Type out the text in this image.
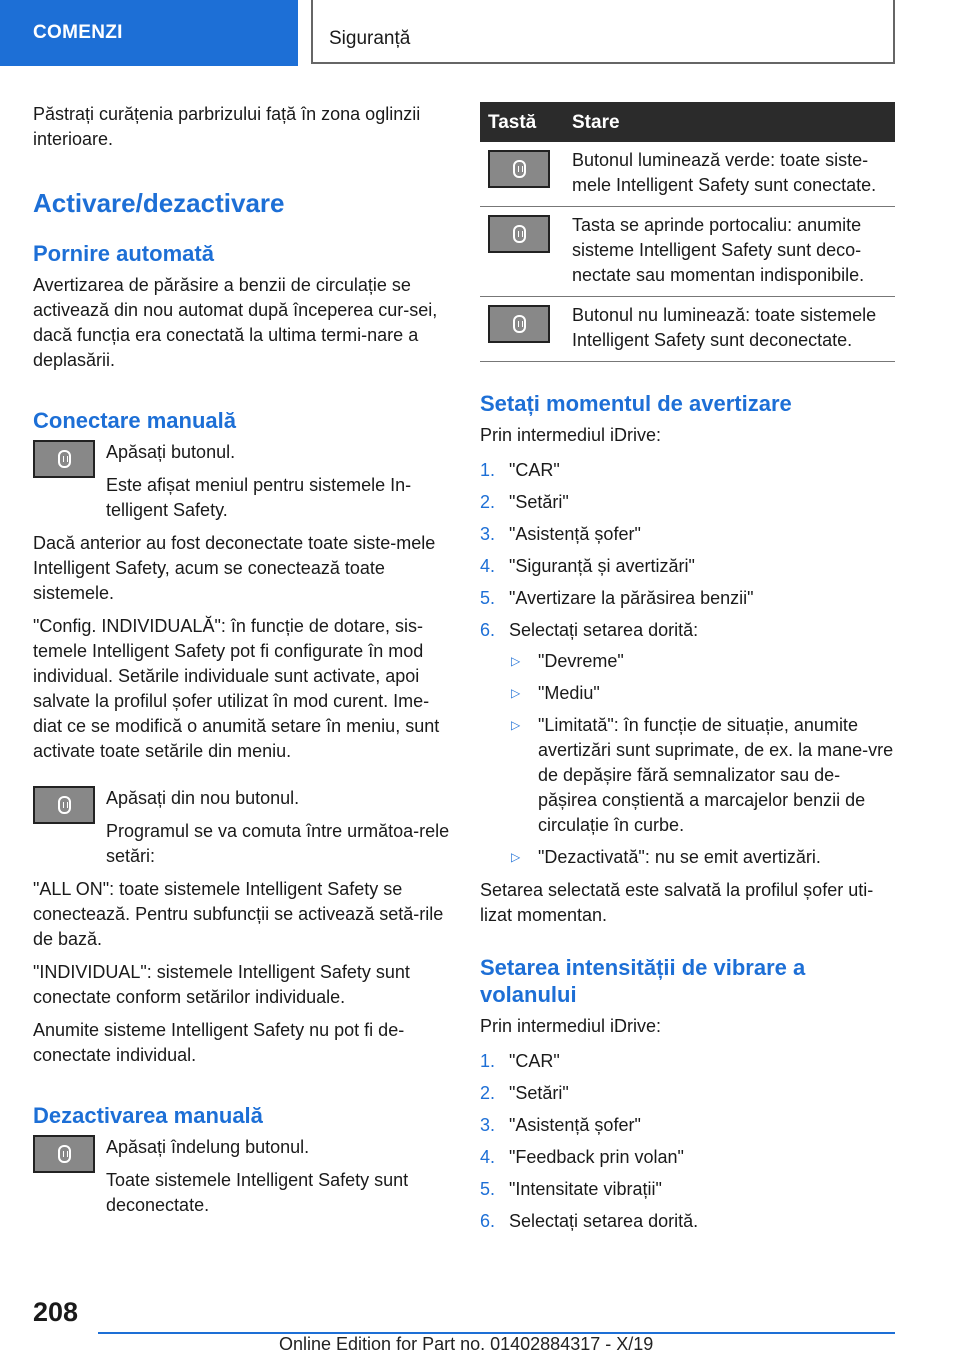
COMENZI	Siguranță

Păstrați curățenia parbrizului față în zona oglinzii interioare.

Activare/dezactivare
Pornire automată

Avertizarea de părăsire a benzii de circulație se activează din nou automat după începerea cur-sei, dacă funcția era conectată la ultima termi-nare a deplasării.

Conectare manuală

Apăsați butonul.

Este afișat meniul pentru sistemele In-telligent Safety.

Dacă anterior au fost deconectate toate siste-mele Intelligent Safety, acum se conectează toate sistemele.

"Config. INDIVIDUALĂ": în funcție de dotare, sis-temele Intelligent Safety pot fi configurate în mod individual. Setările individuale sunt activate, apoi salvate la profilul șofer utilizat în mod curent. Ime-diat ce se modifică o anumită setare în meniu, sunt activate toate setările din meniu.

Apăsați din nou butonul.

Programul se va comuta între următoa-rele setări:

"ALL ON": toate sistemele Intelligent Safety se conectează. Pentru subfuncții se activează setă-rile de bază.

"INDIVIDUAL": sistemele Intelligent Safety sunt conectate conform setărilor individuale.

Anumite sisteme Intelligent Safety nu pot fi de-conectate individual.

Dezactivarea manuală

Apăsați îndelung butonul.

Toate sistemele Intelligent Safety sunt deconectate.

Tastă	Stare

	Butonul luminează verde: toate siste-mele Intelligent Safety sunt conectate.

	Tasta se aprinde portocaliu: anumite sisteme Intelligent Safety sunt deco-nectate sau momentan indisponibile.

	Butonul nu luminează: toate sistemele Intelligent Safety sunt deconectate.
Setați momentul de avertizare

Prin intermediul iDrive:

1. "CAR"
2. "Setări"
3. "Asistență șofer"
4. "Siguranță și avertizări"
5. "Avertizare la părăsirea benzii"
6. Selectați setarea dorită:
▷ "Devreme"
▷ "Mediu"
▷ "Limitată": în funcție de situație, anumite avertizări sunt suprimate, de ex. la mane-vre de depășire fără semnalizator sau de-pășirea conștientă a marcajelor benzii de circulație în curbe.
▷ "Dezactivată": nu se emit avertizări.

Setarea selectată este salvată la profilul șofer uti-lizat momentan.

Setarea intensității de vibrare a volanului

Prin intermediul iDrive:

1. "CAR"
2. "Setări"
3. "Asistență șofer"
4. "Feedback prin volan"
5. "Intensitate vibrații"
6. Selectați setarea dorită.
208
Online Edition for Part no. 01402884317 - X/19
